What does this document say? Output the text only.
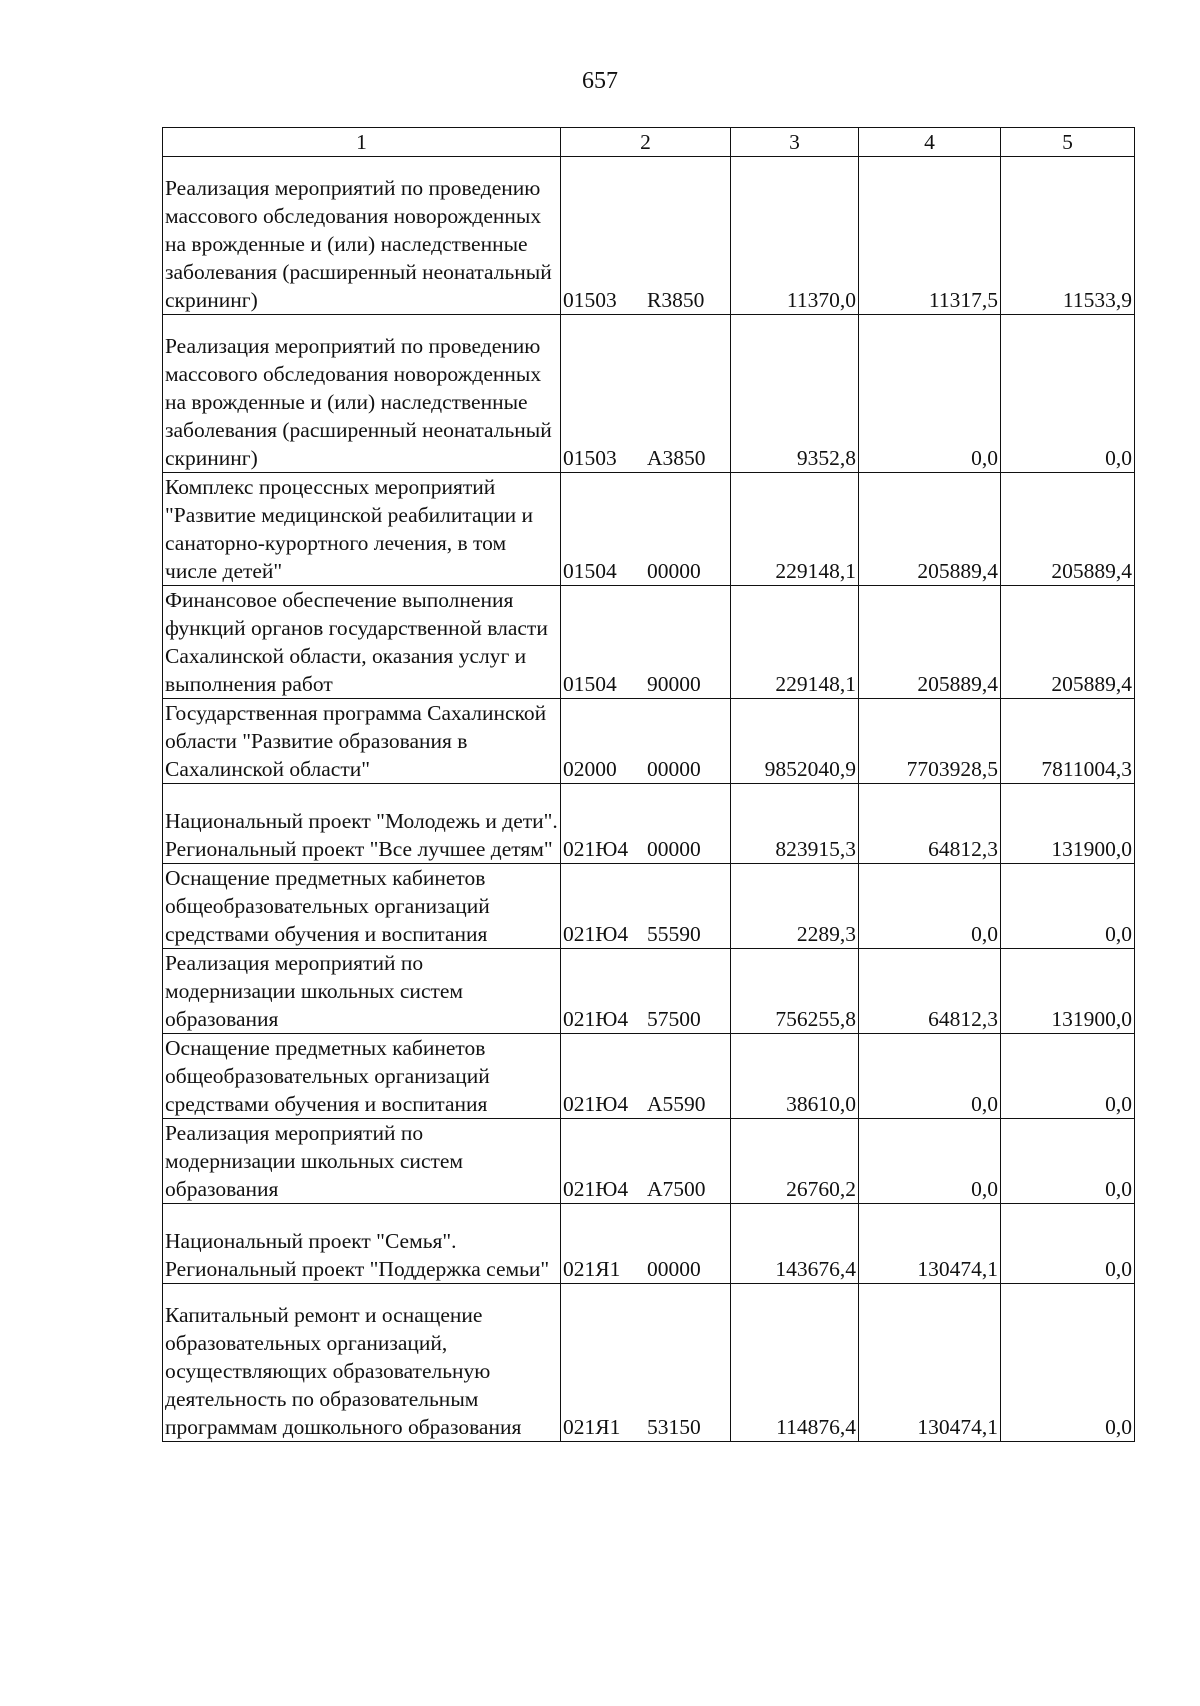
657
1	2	3	4	5
Реализация мероприятий по проведению массового обследования новорожденных на врожденные и (или) наследственные заболевания (расширенный неонатальный скрининг)	01503 R3850	11370,0	11317,5	11533,9
Реализация мероприятий по проведению массового обследования новорожденных на врожденные и (или) наследственные заболевания (расширенный неонатальный скрининг)	01503 A3850	9352,8	0,0	0,0
Комплекс процессных мероприятий "Развитие медицинской реабилитации и санаторно-курортного лечения, в том числе детей"	01504 00000	229148,1	205889,4	205889,4
Финансовое обеспечение выполнения функций органов государственной власти Сахалинской области, оказания услуг и выполнения работ	01504 90000	229148,1	205889,4	205889,4
Государственная программа Сахалинской области "Развитие образования в Сахалинской области"	02000 00000	9852040,9	7703928,5	7811004,3
Национальный проект "Молодежь и дети". Региональный проект "Все лучшее детям"	021Ю4 00000	823915,3	64812,3	131900,0
Оснащение предметных кабинетов общеобразовательных организаций средствами обучения и воспитания	021Ю4 55590	2289,3	0,0	0,0
Реализация мероприятий по модернизации школьных систем образования	021Ю4 57500	756255,8	64812,3	131900,0
Оснащение предметных кабинетов общеобразовательных организаций средствами обучения и воспитания	021Ю4 A5590	38610,0	0,0	0,0
Реализация мероприятий по модернизации школьных систем образования	021Ю4 A7500	26760,2	0,0	0,0
Национальный проект "Семья". Региональный проект "Поддержка семьи"	021Я1 00000	143676,4	130474,1	0,0
Капитальный ремонт и оснащение образовательных организаций, осуществляющих образовательную деятельность по образовательным программам дошкольного образования	021Я1 53150	114876,4	130474,1	0,0
